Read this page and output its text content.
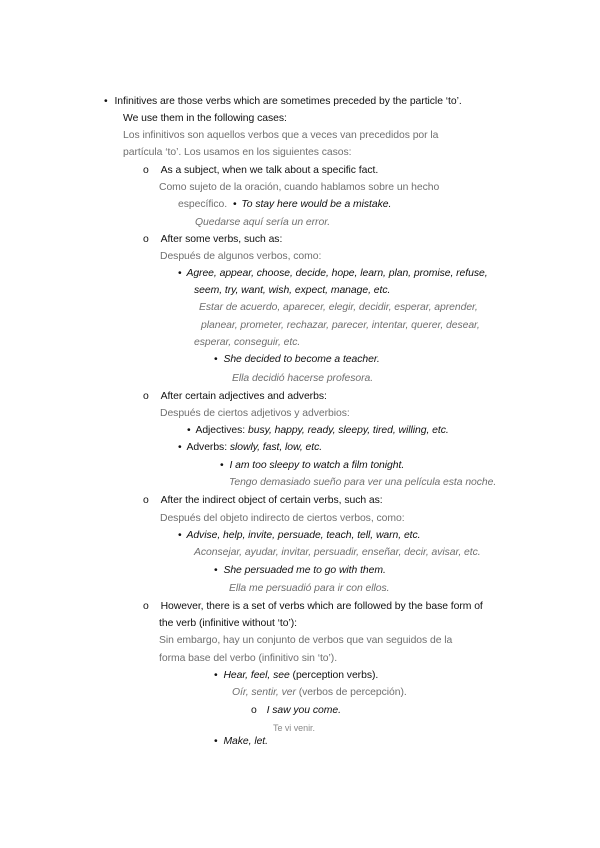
• Infinitives are those verbs which are sometimes preceded by the particle ‘to’.
We use them in the following cases:
Los infinitivos son aquellos verbos que a veces van precedidos por la
partícula ‘to’. Los usamos en los siguientes casos:
o As a subject, when we talk about a specific fact.
Como sujeto de la oración, cuando hablamos sobre un hecho
específico. • To stay here would be a mistake.
Quedarse aquí sería un error.
o After some verbs, such as:
Después de algunos verbos, como:
• Agree, appear, choose, decide, hope, learn, plan, promise, refuse,
seem, try, want, wish, expect, manage, etc.
Estar de acuerdo, aparecer, elegir, decidir, esperar, aprender,
planear, prometer, rechazar, parecer, intentar, querer, desear,
esperar, conseguir, etc.
• She decided to become a teacher.
Ella decidió hacerse profesora.
o After certain adjectives and adverbs:
Después de ciertos adjetivos y adverbios:
• Adjectives: busy, happy, ready, sleepy, tired, willing, etc.
• Adverbs: slowly, fast, low, etc.
• I am too sleepy to watch a film tonight.
Tengo demasiado sueño para ver una película esta noche.
o After the indirect object of certain verbs, such as:
Después del objeto indirecto de ciertos verbos, como:
• Advise, help, invite, persuade, teach, tell, warn, etc.
Aconsejar, ayudar, invitar, persuadir, enseñar, decir, avisar, etc.
• She persuaded me to go with them.
Ella me persuadió para ir con ellos.
o However, there is a set of verbs which are followed by the base form of
the verb (infinitive without ‘to’):
Sin embargo, hay un conjunto de verbos que van seguidos de la
forma base del verbo (infinitivo sin ‘to’).
• Hear, feel, see (perception verbs).
Oír, sentir, ver (verbos de percepción).
o I saw you come.
Te vi venir.
• Make, let.
